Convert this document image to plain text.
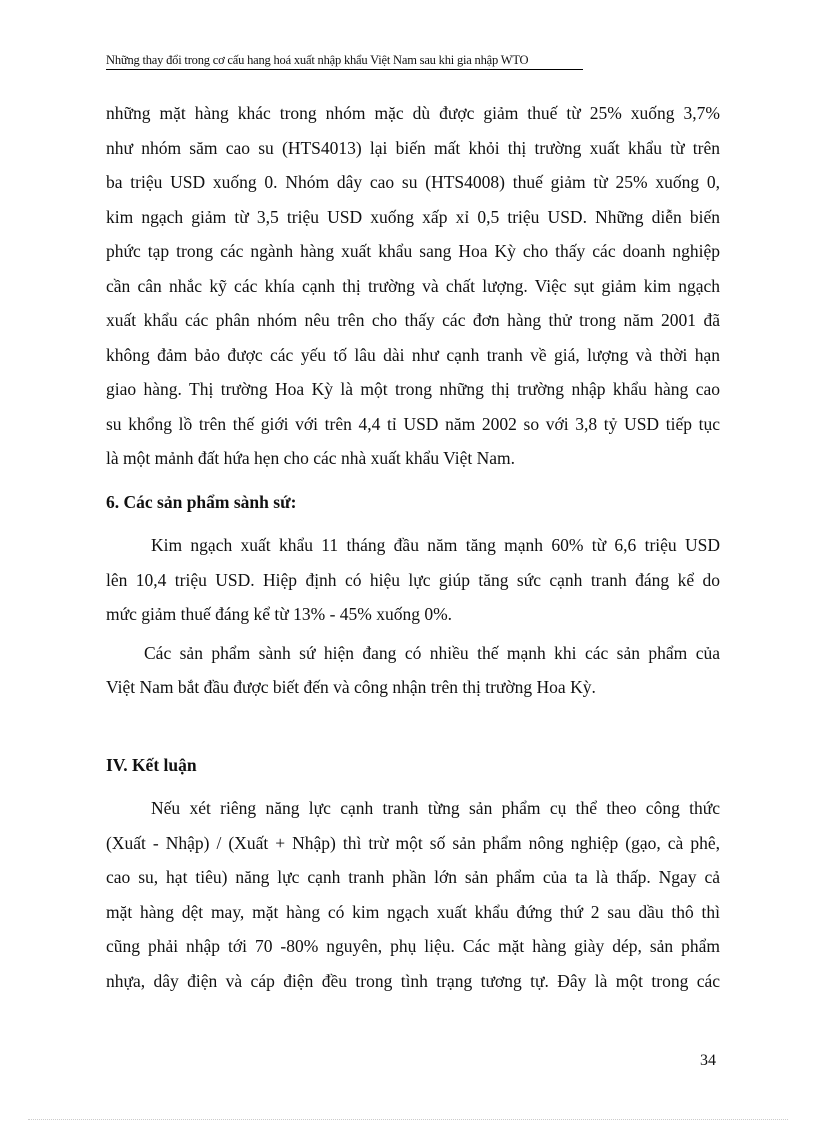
Những thay đổi trong cơ cấu hang hoá xuất nhập khẩu Việt Nam sau khi gia nhập WTO
những mặt hàng khác trong nhóm mặc dù được giảm thuế từ 25% xuống 3,7%
như nhóm săm cao su (HTS4013) lại biến mất khỏi thị trường xuất khẩu từ trên
ba triệu USD xuống 0. Nhóm dây cao su (HTS4008) thuế giảm từ 25% xuống 0,
kim ngạch giảm từ 3,5 triệu USD xuống xấp xỉ 0,5 triệu USD. Những diễn biến
phức tạp trong các ngành hàng xuất khẩu sang Hoa Kỳ cho thấy các doanh nghiệp
cần cân nhắc kỹ các khía cạnh thị trường và chất lượng. Việc sụt giảm kim ngạch
xuất khẩu các phân nhóm nêu trên cho thấy các đơn hàng thử trong năm 2001 đã
không đảm bảo được các yếu tố lâu dài như cạnh tranh về giá, lượng và thời hạn
giao hàng. Thị trường Hoa Kỳ là một trong những thị trường nhập khẩu hàng cao
su khổng lồ trên thế giới với trên 4,4 tỉ USD năm 2002 so với 3,8 tỷ USD tiếp tục
là một mảnh đất hứa hẹn cho các nhà xuất khẩu Việt Nam.
6. Các sản phẩm sành sứ:
Kim ngạch xuất khẩu 11 tháng đầu năm tăng mạnh 60% từ 6,6 triệu USD
lên 10,4 triệu USD. Hiệp định có hiệu lực giúp tăng sức cạnh tranh đáng kể do
mức giảm thuế đáng kể từ 13% - 45% xuống 0%.
Các sản phẩm sành sứ hiện đang có nhiều thế mạnh khi các sản phẩm của
Việt Nam bắt đầu được biết đến và công nhận trên thị trường Hoa Kỳ.
IV. Kết luận
Nếu xét riêng năng lực cạnh tranh từng sản phẩm cụ thể theo công thức
(Xuất - Nhập) / (Xuất + Nhập) thì trừ một số sản phẩm nông nghiệp (gạo, cà phê,
cao su, hạt tiêu) năng lực cạnh tranh phần lớn sản phẩm của ta là thấp. Ngay cả
mặt hàng dệt may, mặt hàng có kim ngạch xuất khẩu đứng thứ 2 sau dầu thô thì
cũng phải nhập tới 70 -80% nguyên, phụ liệu. Các mặt hàng giày dép, sản phẩm
nhựa, dây điện và cáp điện đều trong tình trạng tương tự. Đây là một trong các
34
